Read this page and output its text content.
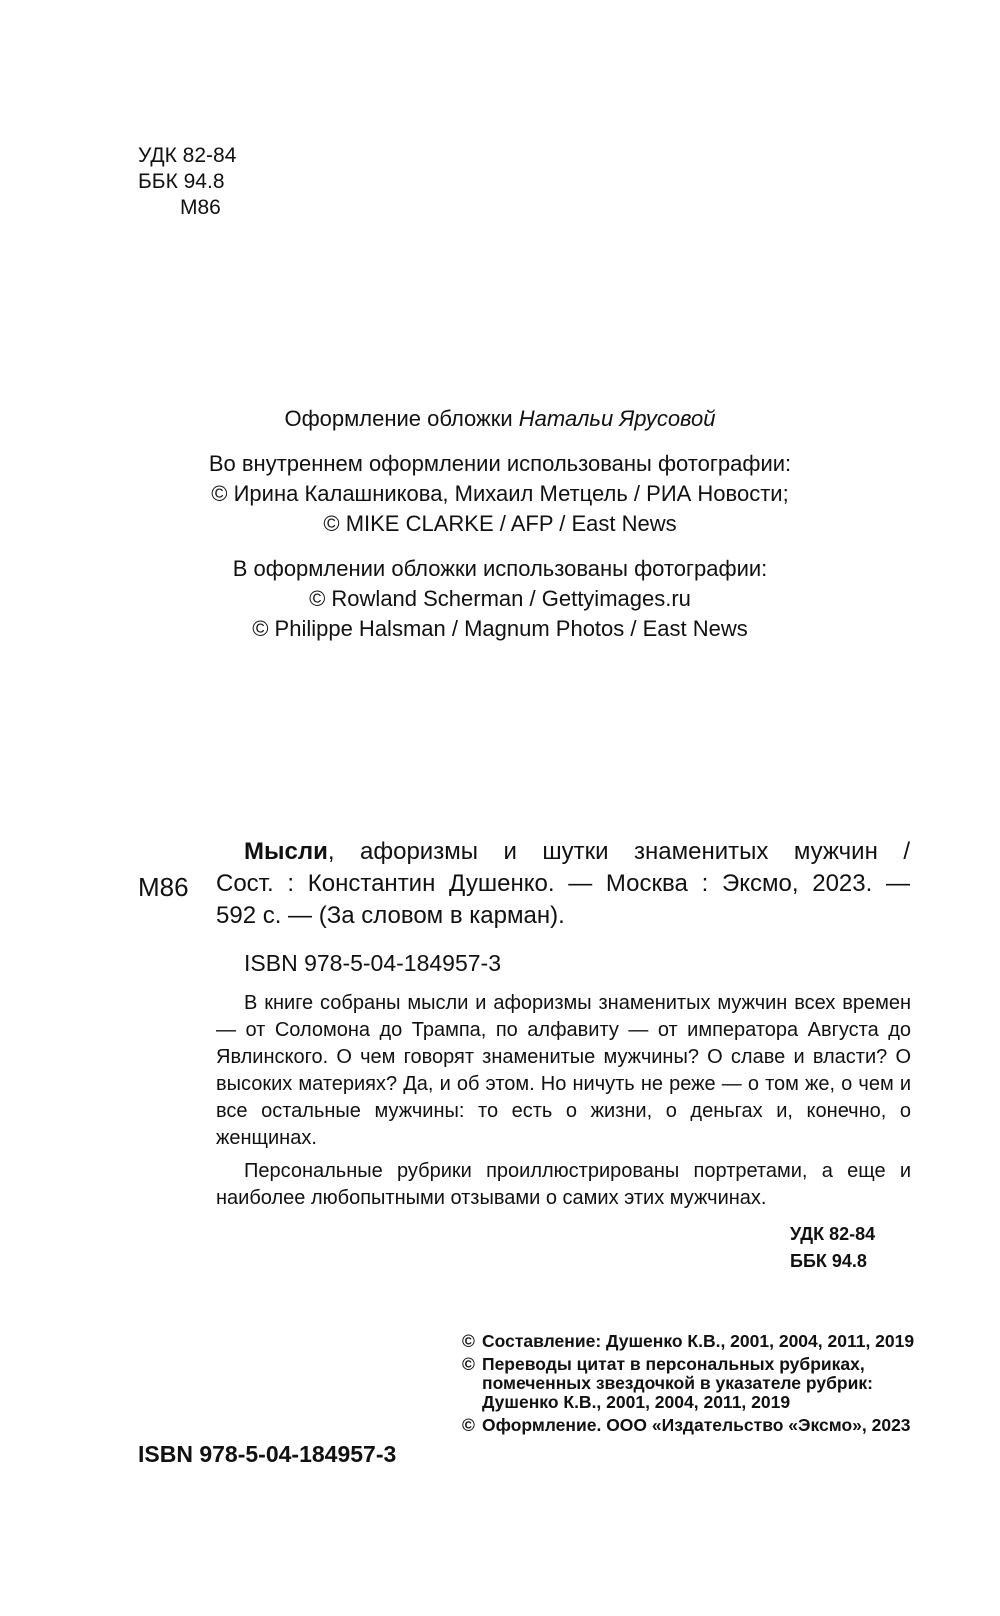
УДК 82-84
ББК 94.8
М86
Оформление обложки Натальи Ярусовой
Во внутреннем оформлении использованы фотографии:
© Ирина Калашникова, Михаил Метцель / РИА Новости;
© MIKE CLARKE / AFP / East News
В оформлении обложки использованы фотографии:
© Rowland Scherman / Gettyimages.ru
© Philippe Halsman / Magnum Photos / East News
М86
Мысли, афоризмы и шутки знаменитых мужчин /
Сост. : Константин Душенко. — Москва : Эксмо, 2023. —
592 с. — (За словом в карман).
ISBN 978-5-04-184957-3

В книге собраны мысли и афоризмы знаменитых мужчин всех времен — от Соломона до Трампа, по алфавиту — от императора Августа до Явлинского. О чем говорят знаменитые мужчины? О славе и власти? О высоких материях? Да, и об этом. Но ничуть не реже — о том же, о чем и все остальные мужчины: то есть о жизни, о деньгах и, конечно, о женщинах.

Персональные рубрики проиллюстрированы портретами, а еще и наиболее любопытными отзывами о самих этих мужчинах.

УДК 82-84
ББК 94.8
© Составление: Душенко К.В., 2001, 2004, 2011, 2019
© Переводы цитат в персональных рубриках, помеченных звездочкой в указателе рубрик: Душенко К.В., 2001, 2004, 2011, 2019
© Оформление. ООО «Издательство «Эксмо», 2023
ISBN 978-5-04-184957-3
